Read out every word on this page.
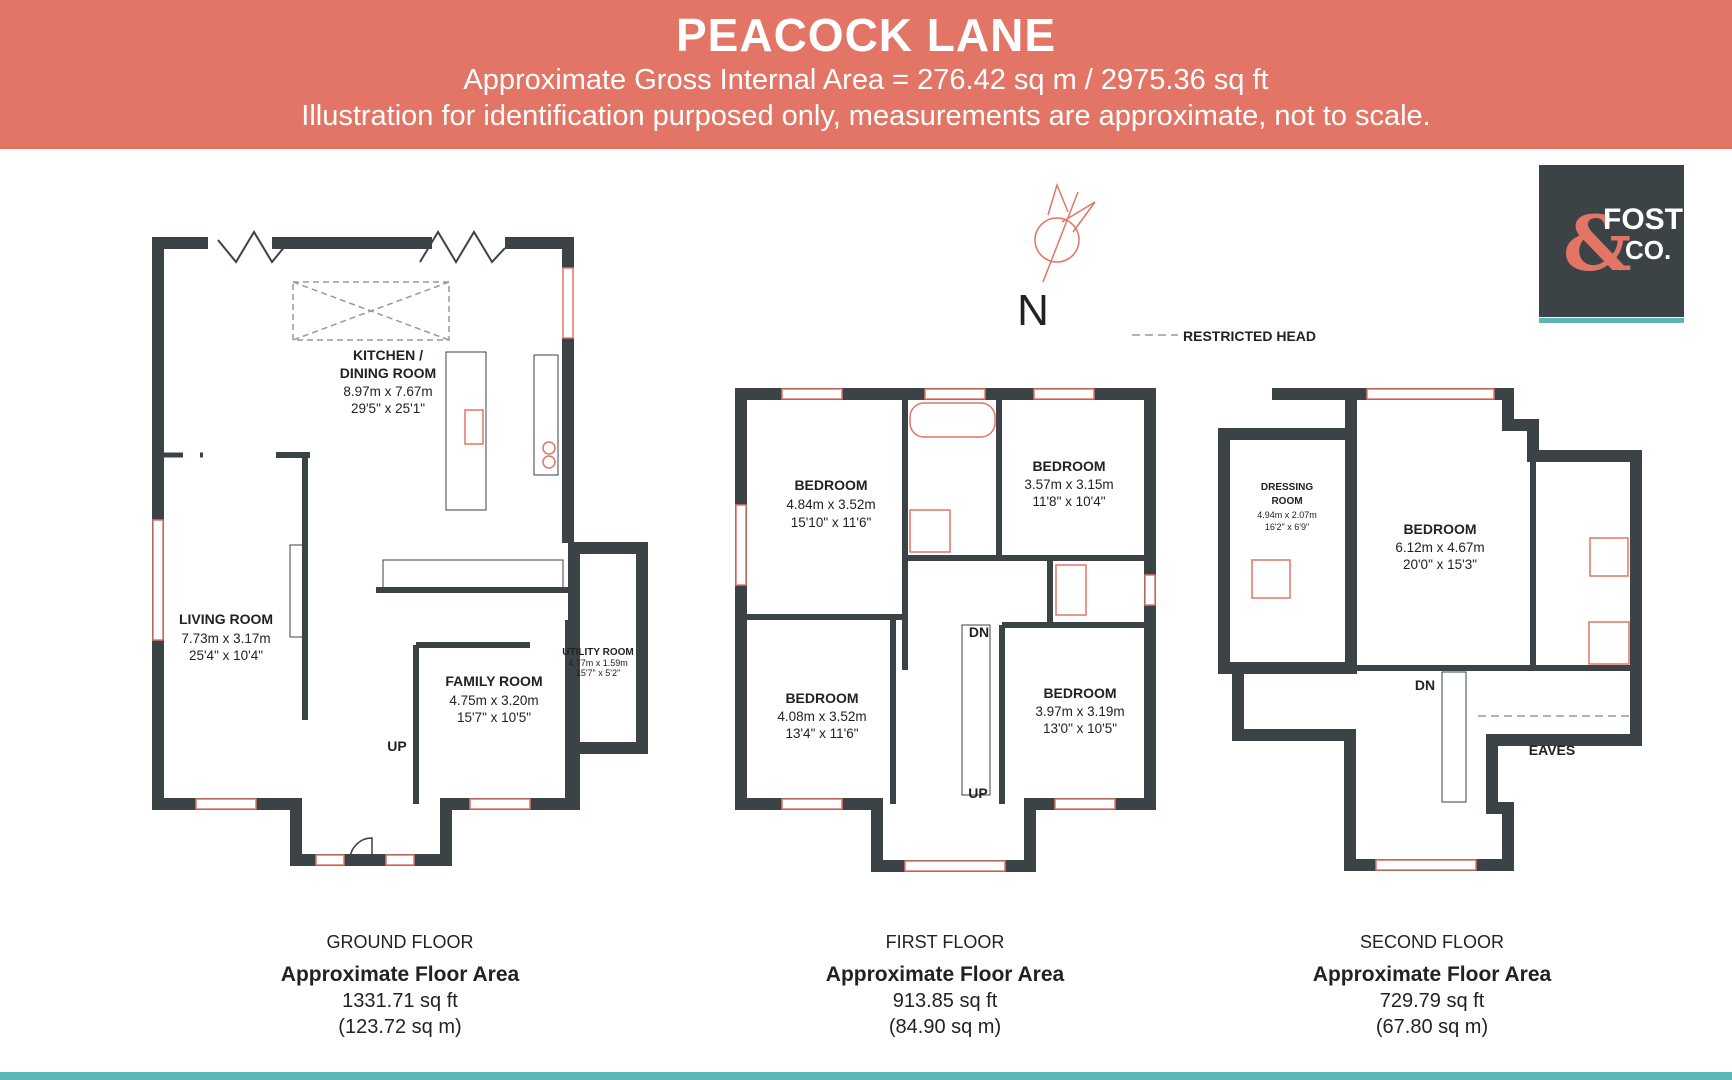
PEACOCK LANE
Approximate Gross Internal Area = 276.42 sq m / 2975.36 sq ft
Illustration for identification purposed only, measurements are approximate, not to scale.
&
FOSTER
CO.
N
RESTRICTED HEAD
KITCHEN /
DINING ROOM
8.97m x 7.67m
29'5" x 25'1"
LIVING ROOM
7.73m x 3.17m
25'4" x 10'4"
FAMILY ROOM
4.75m x 3.20m
15'7" x 10'5"
UTILITY ROOM
4.77m x 1.59m
15'7" x 5'2"
UP
BEDROOM
4.84m x 3.52m
15'10" x 11'6"
BEDROOM
3.57m x 3.15m
11'8" x 10'4"
BEDROOM
4.08m x 3.52m
13'4" x 11'6"
BEDROOM
3.97m x 3.19m
13'0" x 10'5"
DN
UP
DRESSING
ROOM
4.94m x 2.07m
16'2" x 6'9"	BEDROOM
6.12m x 4.67m
20'0" x 15'3"
DN
EAVES
GROUND FLOOR
Approximate Floor Area
1331.71 sq ft
(123.72 sq m)
FIRST FLOOR
Approximate Floor Area
913.85 sq ft
(84.90 sq m)
SECOND FLOOR
Approximate Floor Area
729.79 sq ft
(67.80 sq m)
